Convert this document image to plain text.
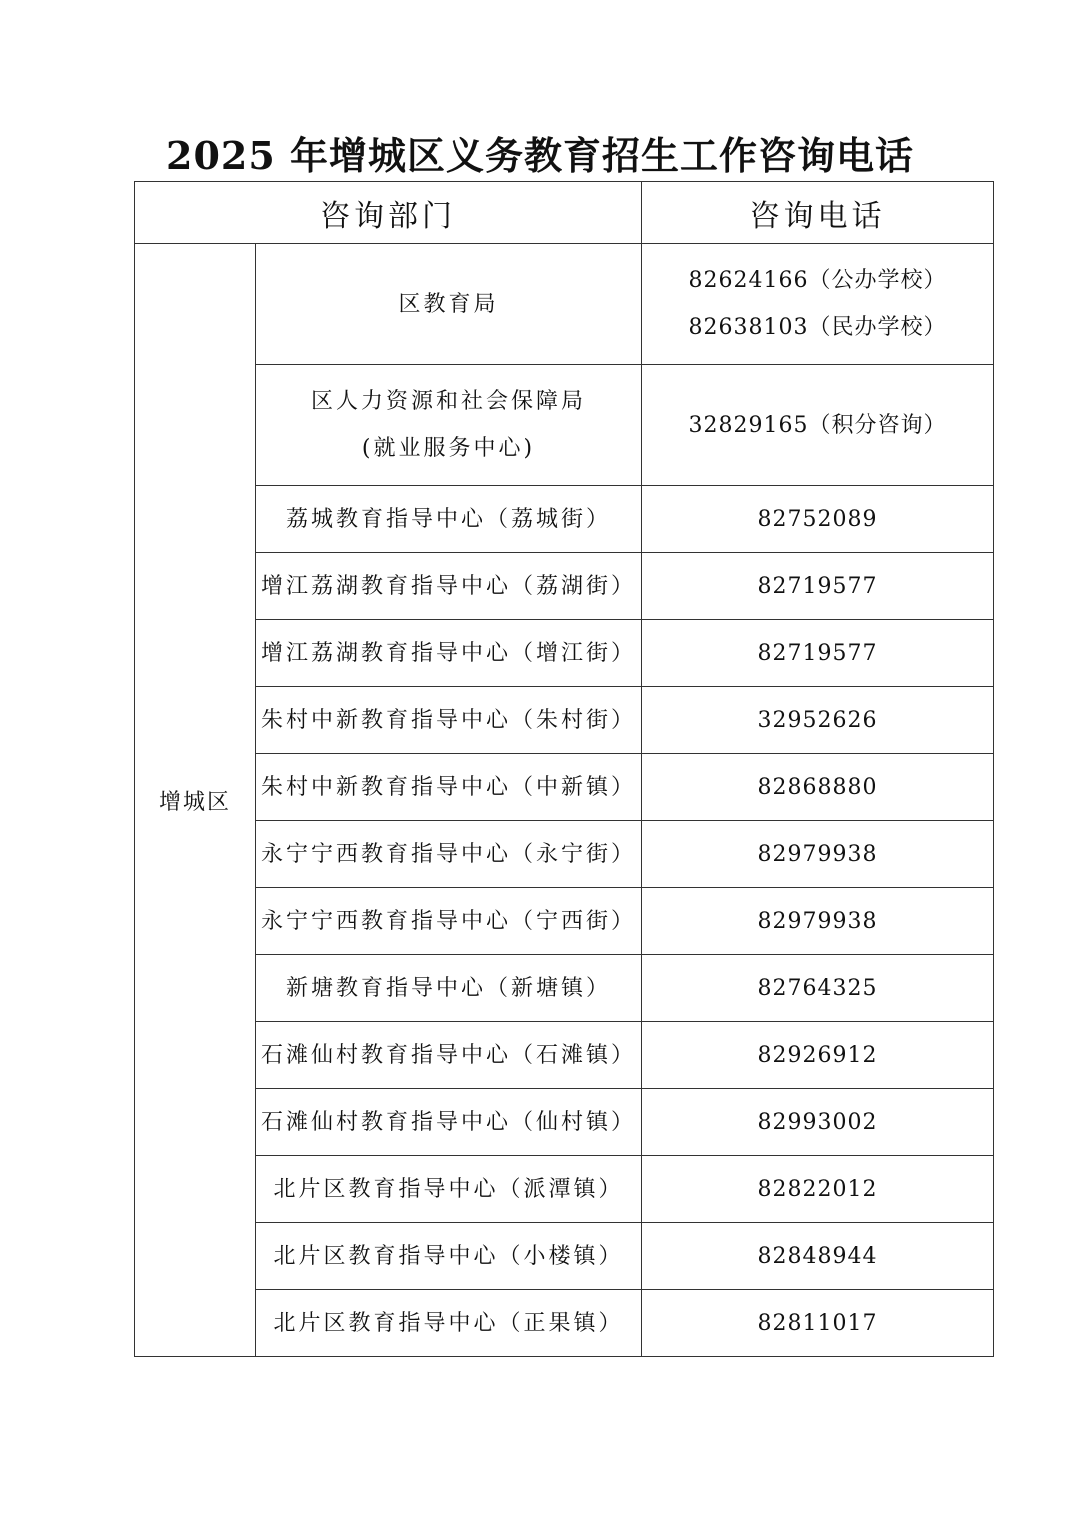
2025 年增城区义务教育招生工作咨询电话
咨询部门		咨询电话
增城区	区教育局	82624166（公办学校）
82638103（民办学校）

	区人力资源和社会保障局
(就业服务中心)	32829165（积分咨询）

	荔城教育指导中心（荔城街）	82752089
	增江荔湖教育指导中心（荔湖街）	82719577
	增江荔湖教育指导中心（增江街）	82719577
	朱村中新教育指导中心（朱村街）	32952626
	朱村中新教育指导中心（中新镇）	82868880
	永宁宁西教育指导中心（永宁街）	82979938
	永宁宁西教育指导中心（宁西街）	82979938
	新塘教育指导中心（新塘镇）	82764325
	石滩仙村教育指导中心（石滩镇）	82926912
	石滩仙村教育指导中心（仙村镇）	82993002
	北片区教育指导中心（派潭镇）	82822012
	北片区教育指导中心（小楼镇）	82848944
	北片区教育指导中心（正果镇）	82811017
